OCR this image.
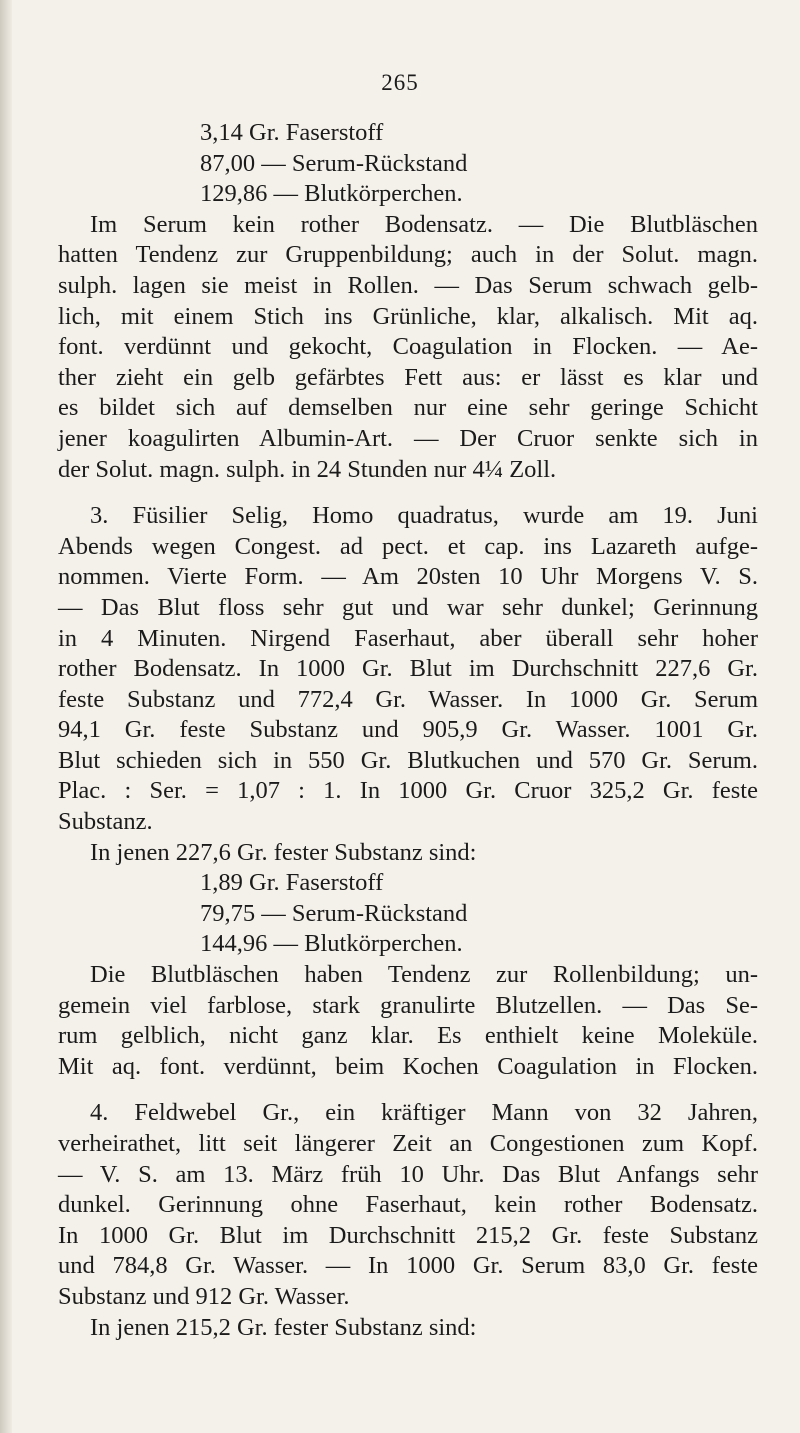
265
3,14 Gr. Faserstoff
87,00 — Serum-Rückstand
129,86 — Blutkörperchen.
Im Serum kein rother Bodensatz. — Die Blutbläschen
hatten Tendenz zur Gruppenbildung; auch in der Solut. magn.
sulph. lagen sie meist in Rollen. — Das Serum schwach gelb-
lich, mit einem Stich ins Grünliche, klar, alkalisch. Mit aq.
font. verdünnt und gekocht, Coagulation in Flocken. — Ae-
ther zieht ein gelb gefärbtes Fett aus: er lässt es klar und
es bildet sich auf demselben nur eine sehr geringe Schicht
jener koagulirten Albumin-Art. — Der Cruor senkte sich in
der Solut. magn. sulph. in 24 Stunden nur 4¼ Zoll.
3. Füsilier Selig, Homo quadratus, wurde am 19. Juni
Abends wegen Congest. ad pect. et cap. ins Lazareth aufge-
nommen. Vierte Form. — Am 20sten 10 Uhr Morgens V. S.
— Das Blut floss sehr gut und war sehr dunkel; Gerinnung
in 4 Minuten. Nirgend Faserhaut, aber überall sehr hoher
rother Bodensatz. In 1000 Gr. Blut im Durchschnitt 227,6 Gr.
feste Substanz und 772,4 Gr. Wasser. In 1000 Gr. Serum
94,1 Gr. feste Substanz und 905,9 Gr. Wasser. 1001 Gr.
Blut schieden sich in 550 Gr. Blutkuchen und 570 Gr. Serum.
Plac. : Ser. = 1,07 : 1. In 1000 Gr. Cruor 325,2 Gr. feste
Substanz.
In jenen 227,6 Gr. fester Substanz sind:
1,89 Gr. Faserstoff
79,75 — Serum-Rückstand
144,96 — Blutkörperchen.
Die Blutbläschen haben Tendenz zur Rollenbildung; un-
gemein viel farblose, stark granulirte Blutzellen. — Das Se-
rum gelblich, nicht ganz klar. Es enthielt keine Moleküle.
Mit aq. font. verdünnt, beim Kochen Coagulation in Flocken.
4. Feldwebel Gr., ein kräftiger Mann von 32 Jahren,
verheirathet, litt seit längerer Zeit an Congestionen zum Kopf.
— V. S. am 13. März früh 10 Uhr. Das Blut Anfangs sehr
dunkel. Gerinnung ohne Faserhaut, kein rother Bodensatz.
In 1000 Gr. Blut im Durchschnitt 215,2 Gr. feste Substanz
und 784,8 Gr. Wasser. — In 1000 Gr. Serum 83,0 Gr. feste
Substanz und 912 Gr. Wasser.
In jenen 215,2 Gr. fester Substanz sind:
